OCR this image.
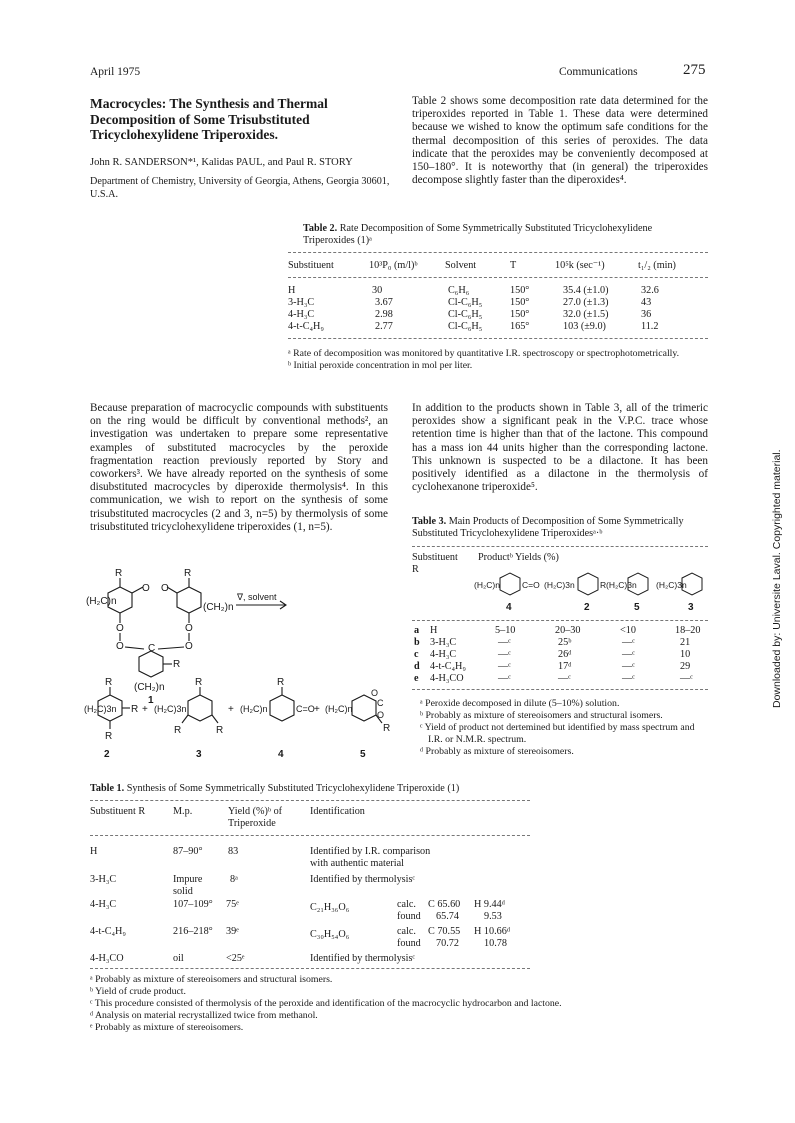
April 1975	Communications	275
Macrocycles: The Synthesis and Thermal Decomposition of Some Trisubstituted Tricyclohexylidene Triperoxides.
John R. SANDERSON*¹, Kalidas PAUL, and Paul R. STORY
Department of Chemistry, University of Georgia, Athens, Georgia 30601, U.S.A.
Table 2 shows some decomposition rate data determined for the triperoxides reported in Table 1. These data were determined because we wished to know the optimum safe conditions for the thermal decomposition of this series of peroxides. The data indicate that the peroxides may be conveniently decomposed at 150–180°. It is noteworthy that (in general) the triperoxides decompose slightly faster than the diperoxides⁴.
Table 2. Rate Decomposition of Some Symmetrically Substituted Tricyclohexylidene Triperoxides (1)ᵃ
Substituent	10³P₀ (m/l)ᵇ	Solvent	T	10⁵k (sec⁻¹)	t₁/₂ (min)
H	30	C₆H₆	150°	35.4 (±1.0)	32.6
3-H₃C	3.67	Cl-C₆H₅	150°	27.0 (±1.3)	43
4-H₃C	2.98	Cl-C₆H₅	150°	32.0 (±1.5)	36
4-t-C₄H₉	2.77	Cl-C₆H₅	165°	103 (±9.0)	11.2
ᵃ Rate of decomposition was monitored by quantitative I.R. spectroscopy or spectrophotometrically.
ᵇ Initial peroxide concentration in mol per liter.
Because preparation of macrocyclic compounds with substituents on the ring would be difficult by conventional methods², an investigation was undertaken to prepare some representative examples of substituted macrocycles by the peroxide fragmentation reaction previously reported by Story and coworkers³. We have already reported on the synthesis of some disubstituted macrocycles by diperoxide thermolysis⁴. In this communication, we wish to report on the synthesis of some trisubstituted macrocycles (2 and 3, n=5) by thermolysis of some trisubstituted tricyclohexylidene triperoxides (1, n=5).
In addition to the products shown in Table 3, all of the trimeric peroxides show a significant peak in the V.P.C. trace whose retention time is higher than that of the lactone. This compound has a mass ion 44 units higher than the corresponding lactone. This unknown is suspected to be a dilactone. It has been positively identified as a dilactone in the thermolysis of cyclohexanone triperoxide⁵.
R	R
R
O O
O	O
O	O
C
(H₂C)n
(CH₂)n
(CH₂)n
∇, solvent
1
R
R
R
(H₂C)3n
2
+ (H₂C)3n
R
R	R
3
+ (H₂C)n
R
C=O
4
+ (H₂C)n
O
C
O
R
5
Table 3. Main Products of Decomposition of Some Symmetrically Substituted Tricyclohexylidene Triperoxidesᵃ·ᵇ
Substituent
R
Productᵇ Yields (%)
(H₂C)n	C=O (H₂C)3n	R (H₂C)3n (H₂C)3n
4	2	5	3
a H	5–10	20–30	<10	18–20
b 3-H₃C	—ᶜ	25ᵇ	—ᶜ	21
c 4-H₃C	—ᶜ	26ᵈ	—ᶜ	10
d 4-t-C₄H₉	—ᶜ	17ᵈ	—ᶜ	29
e 4-H₃CO	—ᶜ	—ᶜ	—ᶜ	—ᶜ
ᵃ Peroxide decomposed in dilute (5–10%) solution.
ᵇ Probably as mixture of stereoisomers and structural isomers.
ᶜ Yield of product not dertemined but identified by mass spectrum and I.R. or N.M.R. spectrum.
ᵈ Probably as mixture of stereoisomers.
Table 1. Synthesis of Some Symmetrically Substituted Tricyclohexylidene Triperoxide (1)
Substituent R	M.p.	Yield (%)ᵇ of Triperoxide
Identification
H	87–90° 83	Identified by I.R. comparison
with authentic material
3-H₃C	Impure
solid
8ᵃ	Identified by thermolysisᶜ
4-H₃C	107–109° 75ᵉ	C₂₁H₃₆O₆	calc. C 65.60 H 9.44ᵈ
found 65.74 9.53
4-t-C₄H₉	216–218° 39ᵉ	C₃₀H₅₄O₆	calc. C 70.55 H 10.66ᵈ
found 70.72 10.78
4-H₃CO	oil	<25ᵉ	Identified by thermolysisᶜ
ᵃ Probably as mixture of stereoisomers and structural isomers.
ᵇ Yield of crude product.
ᶜ This procedure consisted of thermolysis of the peroxide and identification of the macrocyclic hydrocarbon and lactone.
ᵈ Analysis on material recrystallized twice from methanol.
ᵉ Probably as mixture of stereoisomers.
Downloaded by: Universite Laval. Copyrighted material.
